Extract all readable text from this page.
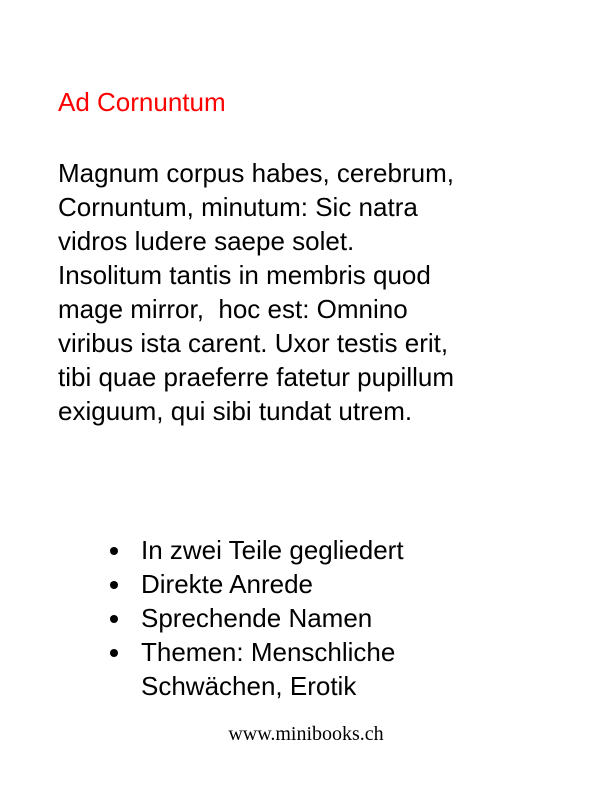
Ad Cornuntum
Magnum corpus habes, cerebrum,
Cornuntum, minutum: Sic natra
vidros ludere saepe solet.
Insolitum tantis in membris quod
mage mirror,  hoc est: Omnino
viribus ista carent. Uxor testis erit,
tibi quae praeferre fatetur pupillum
exiguum, qui sibi tundat utrem.
In zwei Teile gegliedert
Direkte Anrede
Sprechende Namen
Themen: Menschliche
Schwächen, Erotik
www.minibooks.ch
